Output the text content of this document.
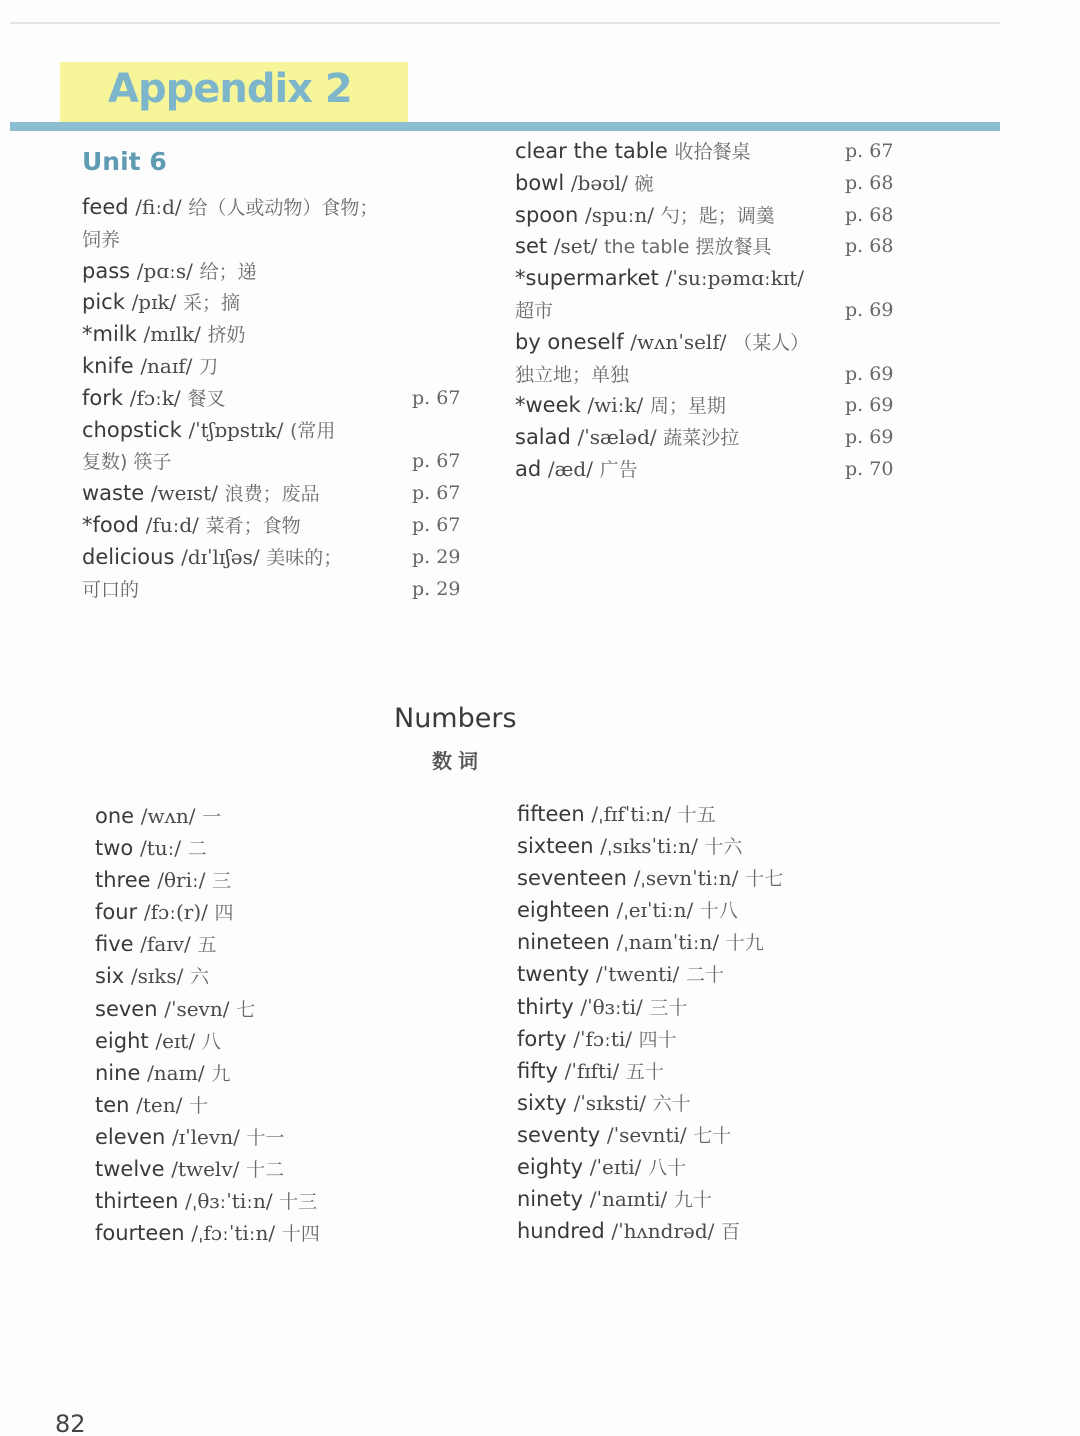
Appendix 2
Unit 6
feed /fiːd/ 给（人或动物）食物；
饲养
pass /pɑːs/ 给；递
pick /pɪk/ 采；摘
*milk /mɪlk/ 挤奶
knife /naɪf/ 刀
fork /fɔːk/ 餐叉	p. 67
chopstick /ˈtʃɒpstɪk/ (常用
复数) 筷子	p. 67
waste /weɪst/ 浪费；废品	p. 67
*food /fuːd/ 菜肴；食物	p. 67
delicious /dɪˈlɪʃəs/ 美味的；	p. 29
可口的	p. 29
clear the table 收拾餐桌	p. 67
bowl /bəʊl/ 碗	p. 68
spoon /spuːn/ 勺；匙；调羹	p. 68
set /set/ the table 摆放餐具	p. 68
*supermarket /ˈsuːpəmɑːkɪt/
超市	p. 69
by oneself /wʌnˈself/ （某人）
独立地；单独	p. 69
*week /wiːk/ 周；星期	p. 69
salad /ˈsæləd/ 蔬菜沙拉	p. 69
ad /æd/ 广告	p. 70
Numbers
数词
one /wʌn/ 一
two /tuː/ 二
three /θriː/ 三
four /fɔː(r)/ 四
five /faɪv/ 五
six /sɪks/ 六
seven /ˈsevn/ 七
eight /eɪt/ 八
nine /naɪn/ 九
ten /ten/ 十
eleven /ɪˈlevn/ 十一
twelve /twelv/ 十二
thirteen /ˌθɜːˈtiːn/ 十三
fourteen /ˌfɔːˈtiːn/ 十四
fifteen /ˌfɪfˈtiːn/ 十五
sixteen /ˌsɪksˈtiːn/ 十六
seventeen /ˌsevnˈtiːn/ 十七
eighteen /ˌeɪˈtiːn/ 十八
nineteen /ˌnaɪnˈtiːn/ 十九
twenty /ˈtwenti/ 二十
thirty /ˈθɜːti/ 三十
forty /ˈfɔːti/ 四十
fifty /ˈfɪfti/ 五十
sixty /ˈsɪksti/ 六十
seventy /ˈsevnti/ 七十
eighty /ˈeɪti/ 八十
ninety /ˈnaɪnti/ 九十
hundred /ˈhʌndrəd/ 百
82
